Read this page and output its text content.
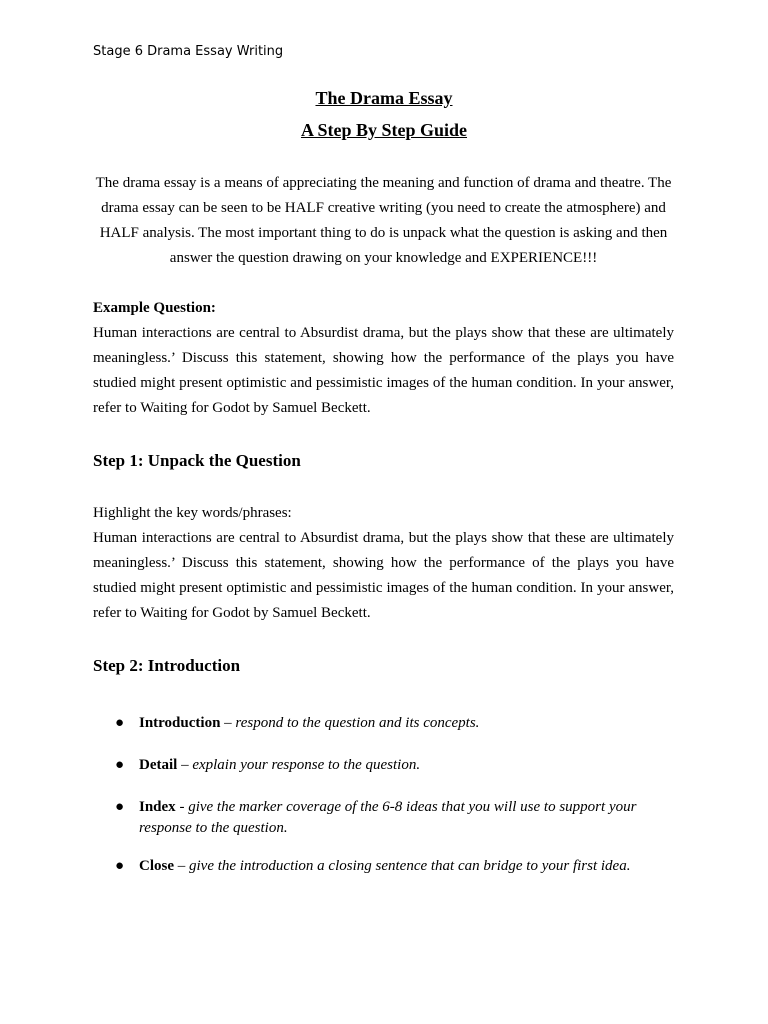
Stage 6 Drama Essay Writing
The Drama Essay
A Step By Step Guide
The drama essay is a means of appreciating the meaning and function of drama and theatre. The drama essay can be seen to be HALF creative writing (you need to create the atmosphere) and HALF analysis. The most important thing to do is unpack what the question is asking and then answer the question drawing on your knowledge and EXPERIENCE!!!
Example Question:
Human interactions are central to Absurdist drama, but the plays show that these are ultimately meaningless.’ Discuss this statement, showing how the performance of the plays you have studied might present optimistic and pessimistic images of the human condition. In your answer, refer to Waiting for Godot by Samuel Beckett.
Step 1: Unpack the Question
Highlight the key words/phrases:
Human interactions are central to Absurdist drama, but the plays show that these are ultimately meaningless.’ Discuss this statement, showing how the performance of the plays you have studied might present optimistic and pessimistic images of the human condition. In your answer, refer to Waiting for Godot by Samuel Beckett.
Step 2: Introduction
● Introduction – respond to the question and its concepts.
● Detail – explain your response to the question.
● Index - give the marker coverage of the 6-8 ideas that you will use to support your response to the question.
● Close – give the introduction a closing sentence that can bridge to your first idea.
